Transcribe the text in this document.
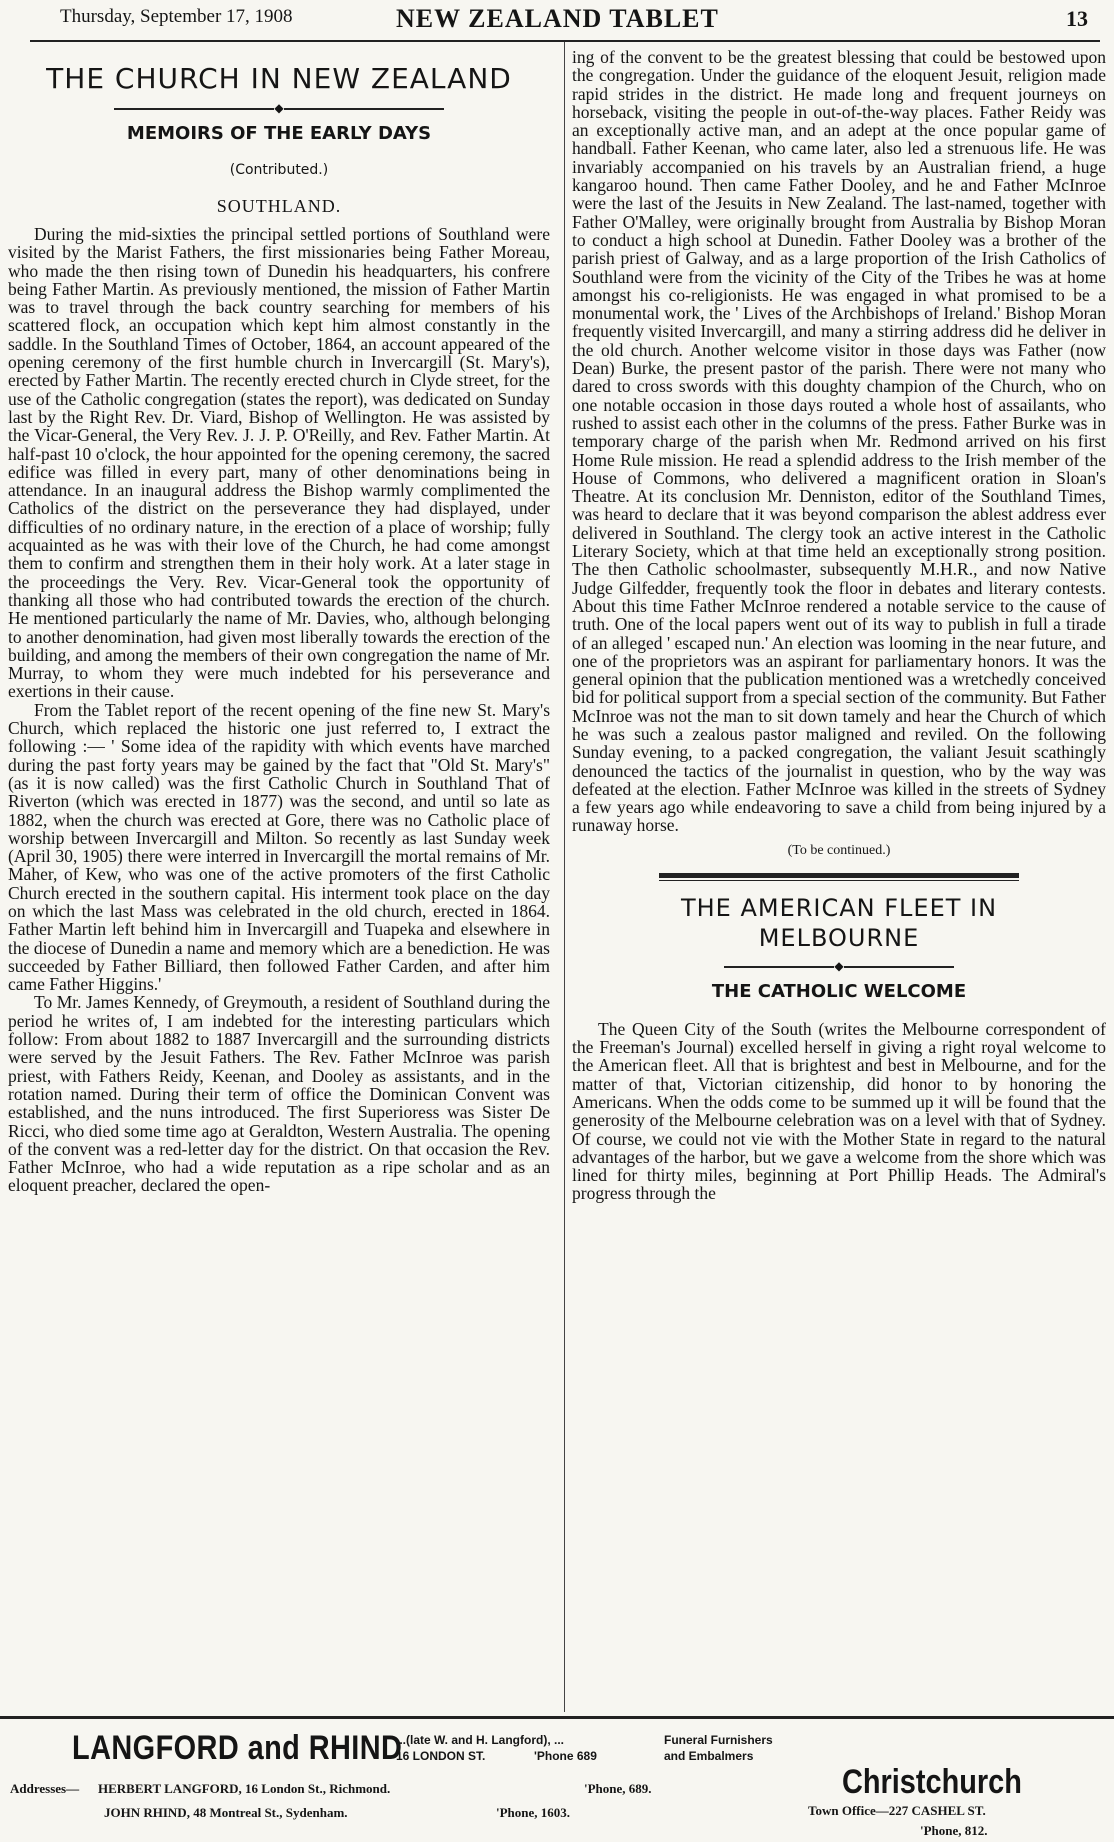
Thursday, September 17, 1908	NEW ZEALAND TABLET	13
THE CHURCH IN NEW ZEALAND
◆
MEMOIRS OF THE EARLY DAYS
(Contributed.)
SOUTHLAND.

During the mid-sixties the principal settled portions of Southland were visited by the Marist Fathers, the first missionaries being Father Moreau, who made the then rising town of Dunedin his headquarters, his confrere being Father Martin. As previously mentioned, the mission of Father Martin was to travel through the back country searching for members of his scattered flock, an occupation which kept him almost constantly in the saddle. In the Southland Times of October, 1864, an account appeared of the opening ceremony of the first humble church in Invercargill (St. Mary's), erected by Father Martin. The recently erected church in Clyde street, for the use of the Catholic congregation (states the report), was dedicated on Sunday last by the Right Rev. Dr. Viard, Bishop of Wellington. He was assisted by the Vicar-General, the Very Rev. J. J. P. O'Reilly, and Rev. Father Martin. At half-past 10 o'clock, the hour appointed for the opening ceremony, the sacred edifice was filled in every part, many of other denominations being in attendance. In an inaugural address the Bishop warmly complimented the Catholics of the district on the perseverance they had displayed, under difficulties of no ordinary nature, in the erection of a place of worship; fully acquainted as he was with their love of the Church, he had come amongst them to confirm and strengthen them in their holy work. At a later stage in the proceedings the Very. Rev. Vicar-General took the opportunity of thanking all those who had contributed towards the erection of the church. He mentioned particularly the name of Mr. Davies, who, although belonging to another denomination, had given most liberally towards the erection of the building, and among the members of their own congregation the name of Mr. Murray, to whom they were much indebted for his perseverance and exertions in their cause.

From the Tablet report of the recent opening of the fine new St. Mary's Church, which replaced the historic one just referred to, I extract the following :— ' Some idea of the rapidity with which events have marched during the past forty years may be gained by the fact that "Old St. Mary's" (as it is now called) was the first Catholic Church in Southland That of Riverton (which was erected in 1877) was the second, and until so late as 1882, when the church was erected at Gore, there was no Catholic place of worship between Invercargill and Milton. So recently as last Sunday week (April 30, 1905) there were interred in Invercargill the mortal remains of Mr. Maher, of Kew, who was one of the active promoters of the first Catholic Church erected in the southern capital. His interment took place on the day on which the last Mass was celebrated in the old church, erected in 1864. Father Martin left behind him in Invercargill and Tuapeka and elsewhere in the diocese of Dunedin a name and memory which are a benediction. He was succeeded by Father Billiard, then followed Father Carden, and after him came Father Higgins.'

To Mr. James Kennedy, of Greymouth, a resident of Southland during the period he writes of, I am indebted for the interesting particulars which follow: From about 1882 to 1887 Invercargill and the surrounding districts were served by the Jesuit Fathers. The Rev. Father McInroe was parish priest, with Fathers Reidy, Keenan, and Dooley as assistants, and in the rotation named. During their term of office the Dominican Convent was established, and the nuns introduced. The first Superioress was Sister De Ricci, who died some time ago at Geraldton, Western Australia. The opening of the convent was a red-letter day for the district. On that occasion the Rev. Father McInroe, who had a wide reputation as a ripe scholar and as an eloquent preacher, declared the open-

ing of the convent to be the greatest blessing that could be bestowed upon the congregation. Under the guidance of the eloquent Jesuit, religion made rapid strides in the district. He made long and frequent journeys on horseback, visiting the people in out-of-the-way places. Father Reidy was an exceptionally active man, and an adept at the once popular game of handball. Father Keenan, who came later, also led a strenuous life. He was invariably accompanied on his travels by an Australian friend, a huge kangaroo hound. Then came Father Dooley, and he and Father McInroe were the last of the Jesuits in New Zealand. The last-named, together with Father O'Malley, were originally brought from Australia by Bishop Moran to conduct a high school at Dunedin. Father Dooley was a brother of the parish priest of Galway, and as a large proportion of the Irish Catholics of Southland were from the vicinity of the City of the Tribes he was at home amongst his co-religionists. He was engaged in what promised to be a monumental work, the ' Lives of the Archbishops of Ireland.' Bishop Moran frequently visited Invercargill, and many a stirring address did he deliver in the old church. Another welcome visitor in those days was Father (now Dean) Burke, the present pastor of the parish. There were not many who dared to cross swords with this doughty champion of the Church, who on one notable occasion in those days routed a whole host of assailants, who rushed to assist each other in the columns of the press. Father Burke was in temporary charge of the parish when Mr. Redmond arrived on his first Home Rule mission. He read a splendid address to the Irish member of the House of Commons, who delivered a magnificent oration in Sloan's Theatre. At its conclusion Mr. Denniston, editor of the Southland Times, was heard to declare that it was beyond comparison the ablest address ever delivered in Southland. The clergy took an active interest in the Catholic Literary Society, which at that time held an exceptionally strong position. The then Catholic schoolmaster, subsequently M.H.R., and now Native Judge Gilfedder, frequently took the floor in debates and literary contests. About this time Father McInroe rendered a notable service to the cause of truth. One of the local papers went out of its way to publish in full a tirade of an alleged ' escaped nun.' An election was looming in the near future, and one of the proprietors was an aspirant for parliamentary honors. It was the general opinion that the publication mentioned was a wretchedly conceived bid for political support from a special section of the community. But Father McInroe was not the man to sit down tamely and hear the Church of which he was such a zealous pastor maligned and reviled. On the following Sunday evening, to a packed congregation, the valiant Jesuit scathingly denounced the tactics of the journalist in question, who by the way was defeated at the election. Father McInroe was killed in the streets of Sydney a few years ago while endeavoring to save a child from being injured by a runaway horse.

(To be continued.)
THE AMERICAN FLEET IN
MELBOURNE
◆
THE CATHOLIC WELCOME

The Queen City of the South (writes the Melbourne correspondent of the Freeman's Journal) excelled herself in giving a right royal welcome to the American fleet. All that is brightest and best in Melbourne, and for the matter of that, Victorian citizenship, did honor to by honoring the Americans. When the odds come to be summed up it will be found that the generosity of the Melbourne celebration was on a level with that of Sydney. Of course, we could not vie with the Mother State in regard to the natural advantages of the harbor, but we gave a welcome from the shore which was lined for thirty miles, beginning at Port Phillip Heads. The Admiral's progress through the

LANGFORD and RHIND
...(late W. and H. Langford), ...
16 LONDON ST.	'Phone 689
Funeral Furnishers
and Embalmers
Christchurch
Addresses— HERBERT LANGFORD, 16 London St., Richmond.	'Phone, 689.
JOHN RHIND, 48 Montreal St., Sydenham.	'Phone, 1603.	Town Office—227 CASHEL ST.
'Phone, 812.
